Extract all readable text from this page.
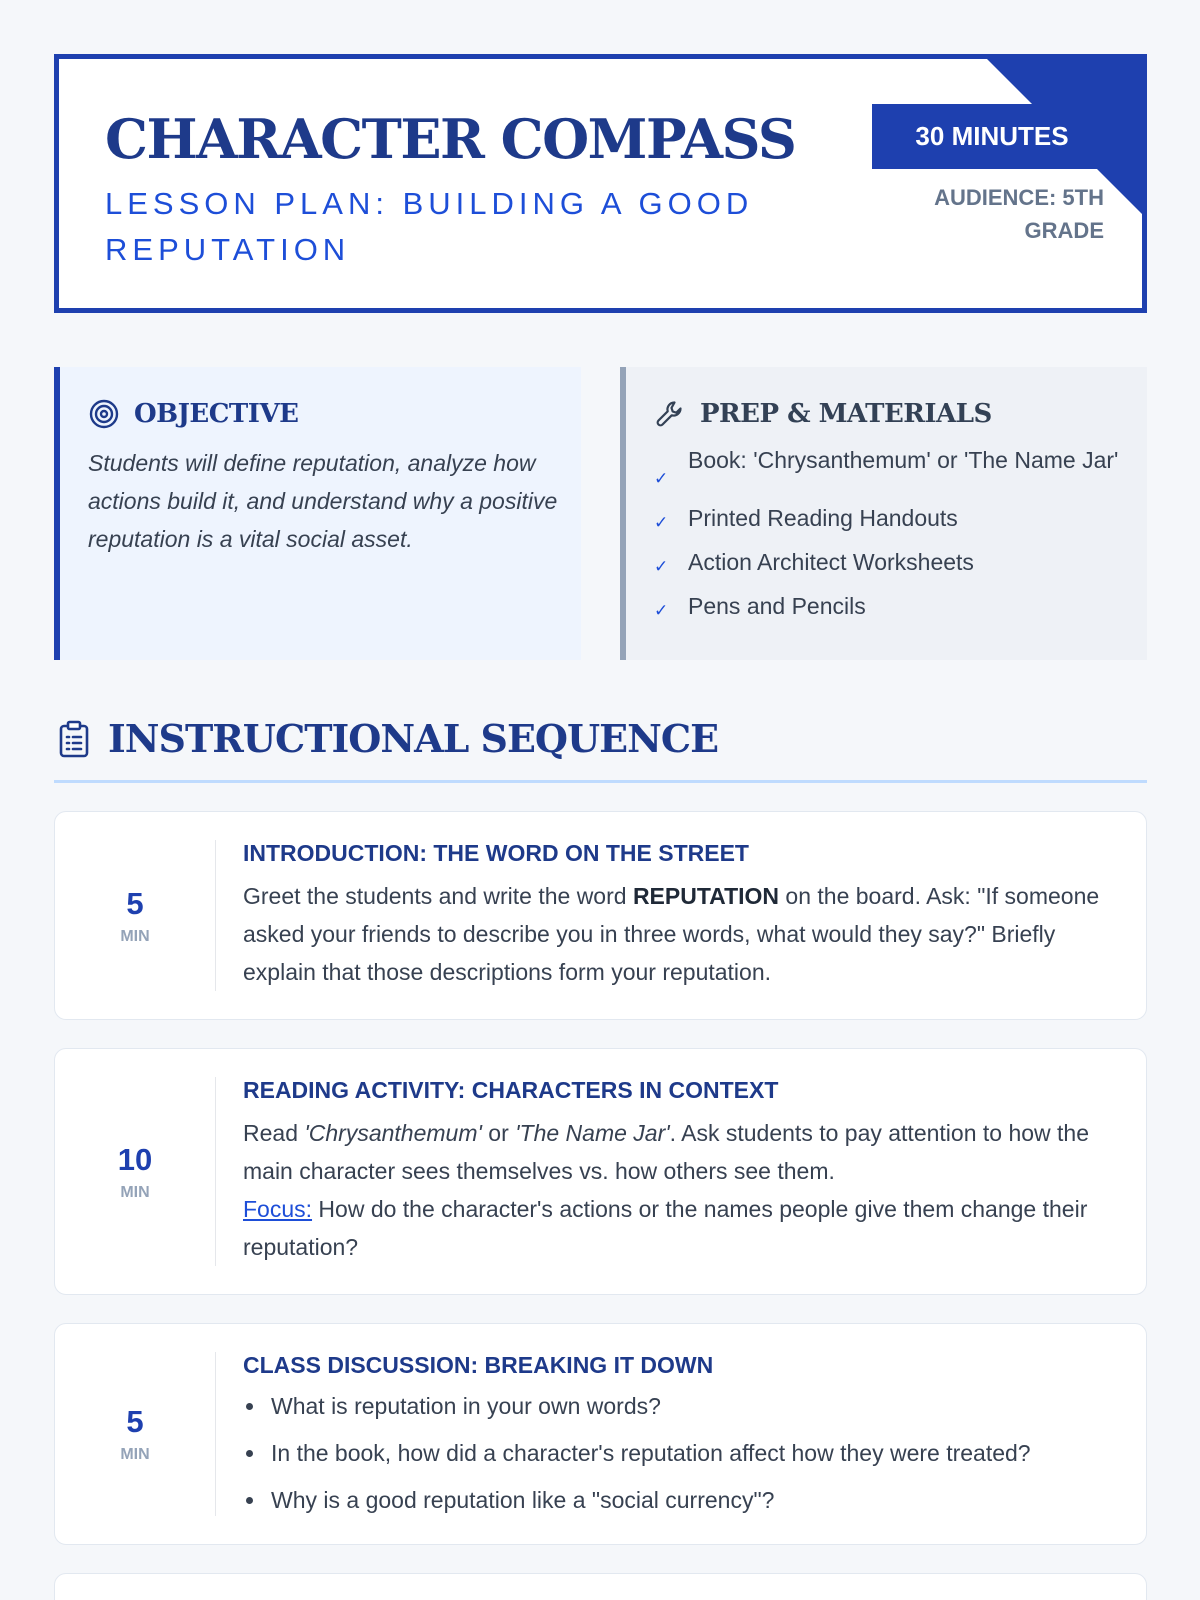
CHARACTER COMPASS
LESSON PLAN: BUILDING A GOOD REPUTATION
30 MINUTES
AUDIENCE: 5TH GRADE
OBJECTIVE

Students will define reputation, analyze how actions build it, and understand why a positive reputation is a vital social asset.

PREP & MATERIALS
✓
Book: 'Chrysanthemum' or 'The Name Jar'
✓ Printed Reading Handouts
✓ Action Architect Worksheets
✓ Pens and Pencils
INSTRUCTIONAL SEQUENCE
5
MIN
INTRODUCTION: THE WORD ON THE STREET

Greet the students and write the word REPUTATION on the board. Ask: "If someone asked your friends to describe you in three words, what would they say?" Briefly explain that those descriptions form your reputation.

10
MIN
READING ACTIVITY: CHARACTERS IN CONTEXT

Read 'Chrysanthemum' or 'The Name Jar'. Ask students to pay attention to how the main character sees themselves vs. how others see them.

Focus: How do the character's actions or the names people give them change their reputation?

5
MIN
CLASS DISCUSSION: BREAKING IT DOWN
What is reputation in your own words?
In the book, how did a character's reputation affect how they were treated?
Why is a good reputation like a "social currency"?
